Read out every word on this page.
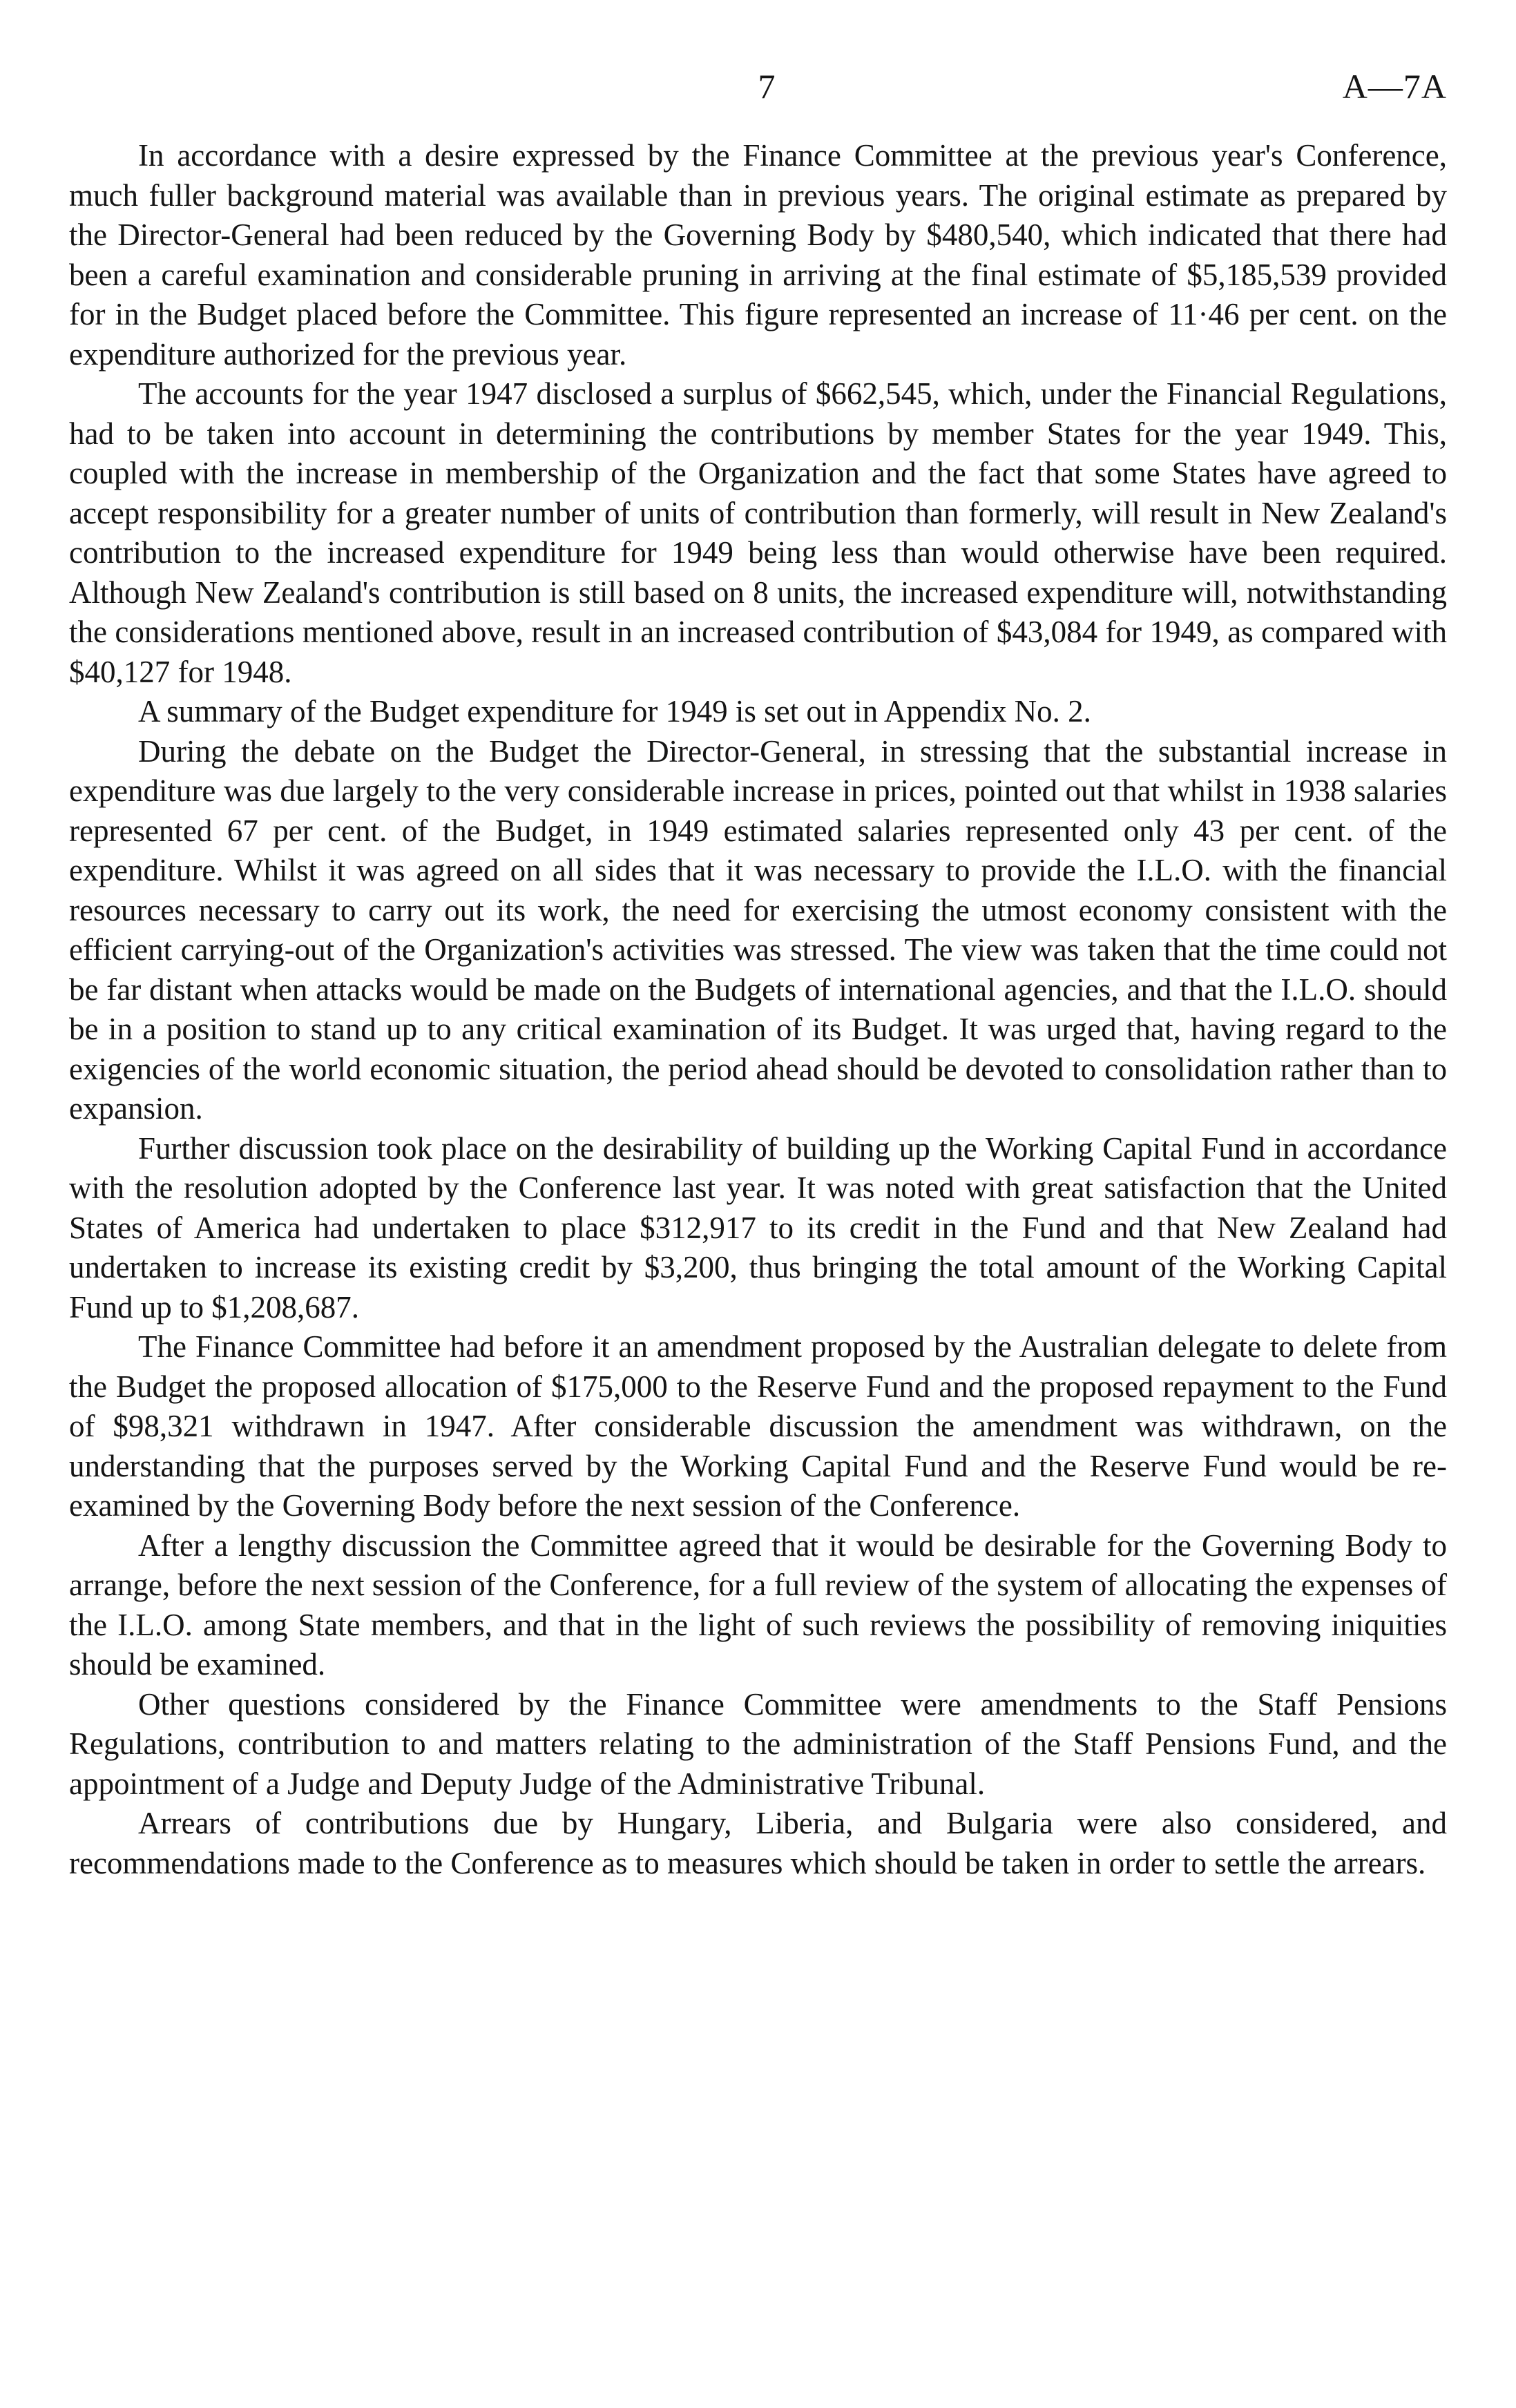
7	A—7A

In accordance with a desire expressed by the Finance Committee at the previous year's Conference, much fuller background material was available than in previous years. The original estimate as prepared by the Director-General had been reduced by the Governing Body by $480,540, which indicated that there had been a careful examination and considerable pruning in arriving at the final estimate of $5,185,539 provided for in the Budget placed before the Committee. This figure represented an increase of 11·46 per cent. on the expenditure authorized for the previous year.

The accounts for the year 1947 disclosed a surplus of $662,545, which, under the Financial Regulations, had to be taken into account in determining the contributions by member States for the year 1949. This, coupled with the increase in membership of the Organization and the fact that some States have agreed to accept responsibility for a greater number of units of contribution than formerly, will result in New Zealand's contribution to the increased expenditure for 1949 being less than would otherwise have been required. Although New Zealand's contribution is still based on 8 units, the increased expenditure will, notwithstanding the considerations mentioned above, result in an increased contribution of $43,084 for 1949, as compared with $40,127 for 1948.

A summary of the Budget expenditure for 1949 is set out in Appendix No. 2.

During the debate on the Budget the Director-General, in stressing that the substantial increase in expenditure was due largely to the very considerable increase in prices, pointed out that whilst in 1938 salaries represented 67 per cent. of the Budget, in 1949 estimated salaries represented only 43 per cent. of the expenditure. Whilst it was agreed on all sides that it was necessary to provide the I.L.O. with the financial resources necessary to carry out its work, the need for exercising the utmost economy consistent with the efficient carrying-out of the Organization's activities was stressed. The view was taken that the time could not be far distant when attacks would be made on the Budgets of international agencies, and that the I.L.O. should be in a position to stand up to any critical examination of its Budget. It was urged that, having regard to the exigencies of the world economic situation, the period ahead should be devoted to consolidation rather than to expansion.

Further discussion took place on the desirability of building up the Working Capital Fund in accordance with the resolution adopted by the Conference last year. It was noted with great satisfaction that the United States of America had undertaken to place $312,917 to its credit in the Fund and that New Zealand had undertaken to increase its existing credit by $3,200, thus bringing the total amount of the Working Capital Fund up to $1,208,687.

The Finance Committee had before it an amendment proposed by the Australian delegate to delete from the Budget the proposed allocation of $175,000 to the Reserve Fund and the proposed repayment to the Fund of $98,321 withdrawn in 1947. After considerable discussion the amendment was withdrawn, on the understanding that the purposes served by the Working Capital Fund and the Reserve Fund would be re-examined by the Governing Body before the next session of the Conference.

After a lengthy discussion the Committee agreed that it would be desirable for the Governing Body to arrange, before the next session of the Conference, for a full review of the system of allocating the expenses of the I.L.O. among State members, and that in the light of such reviews the possibility of removing iniquities should be examined.

Other questions considered by the Finance Committee were amendments to the Staff Pensions Regulations, contribution to and matters relating to the administration of the Staff Pensions Fund, and the appointment of a Judge and Deputy Judge of the Administrative Tribunal.

Arrears of contributions due by Hungary, Liberia, and Bulgaria were also considered, and recommendations made to the Conference as to measures which should be taken in order to settle the arrears.
